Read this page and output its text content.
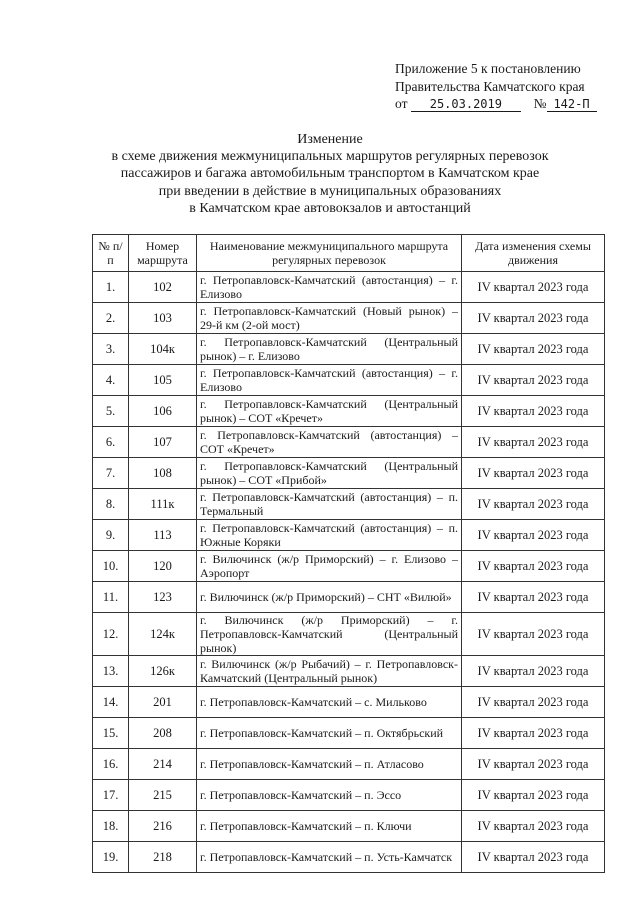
Приложение 5 к постановлению
Правительства Камчатского края
от 25.03.2019 № 142-П
Изменение
в схеме движения межмуниципальных маршрутов регулярных перевозок
пассажиров и багажа автомобильным транспортом в Камчатском крае
при введении в действие в муниципальных образованиях
в Камчатском крае автовокзалов и автостанций
№ п/п	Номер маршрута	Наименование межмуниципального маршрута регулярных перевозок	Дата изменения схемы движения
1.	102	г. Петропавловск-Камчатский (автостанция) – г. Елизово	IV квартал 2023 года
2.	103	г. Петропавловск-Камчатский (Новый рынок) – 29-й км (2-ой мост)	IV квартал 2023 года
3.	104к	г. Петропавловск-Камчатский (Центральный рынок) – г. Елизово	IV квартал 2023 года
4.	105	г. Петропавловск-Камчатский (автостанция) – г. Елизово	IV квартал 2023 года
5.	106	г. Петропавловск-Камчатский (Центральный рынок) – СОТ «Кречет»	IV квартал 2023 года
6.	107	г. Петропавловск-Камчатский (автостанция) – СОТ «Кречет»	IV квартал 2023 года
7.	108	г. Петропавловск-Камчатский (Центральный рынок) – СОТ «Прибой»	IV квартал 2023 года
8.	111к	г. Петропавловск-Камчатский (автостанция) – п. Термальный	IV квартал 2023 года
9.	113	г. Петропавловск-Камчатский (автостанция) – п. Южные Коряки	IV квартал 2023 года
10.	120	г. Вилючинск (ж/р Приморский) – г. Елизово – Аэропорт	IV квартал 2023 года
11.	123	г. Вилючинск (ж/р Приморский) – СНТ «Вилюй»	IV квартал 2023 года
12.	124к	г. Вилючинск (ж/р Приморский) – г. Петропавловск-Камчатский (Центральный рынок)	IV квартал 2023 года
13.	126к	г. Вилючинск (ж/р Рыбачий) – г. Петропавловск-Камчатский (Центральный рынок)	IV квартал 2023 года
14.	201	г. Петропавловск-Камчатский – с. Мильково	IV квартал 2023 года
15.	208	г. Петропавловск-Камчатский – п. Октябрьский	IV квартал 2023 года
16.	214	г. Петропавловск-Камчатский – п. Атласово	IV квартал 2023 года
17.	215	г. Петропавловск-Камчатский – п. Эссо	IV квартал 2023 года
18.	216	г. Петропавловск-Камчатский – п. Ключи	IV квартал 2023 года
19.	218	г. Петропавловск-Камчатский – п. Усть-Камчатск	IV квартал 2023 года
